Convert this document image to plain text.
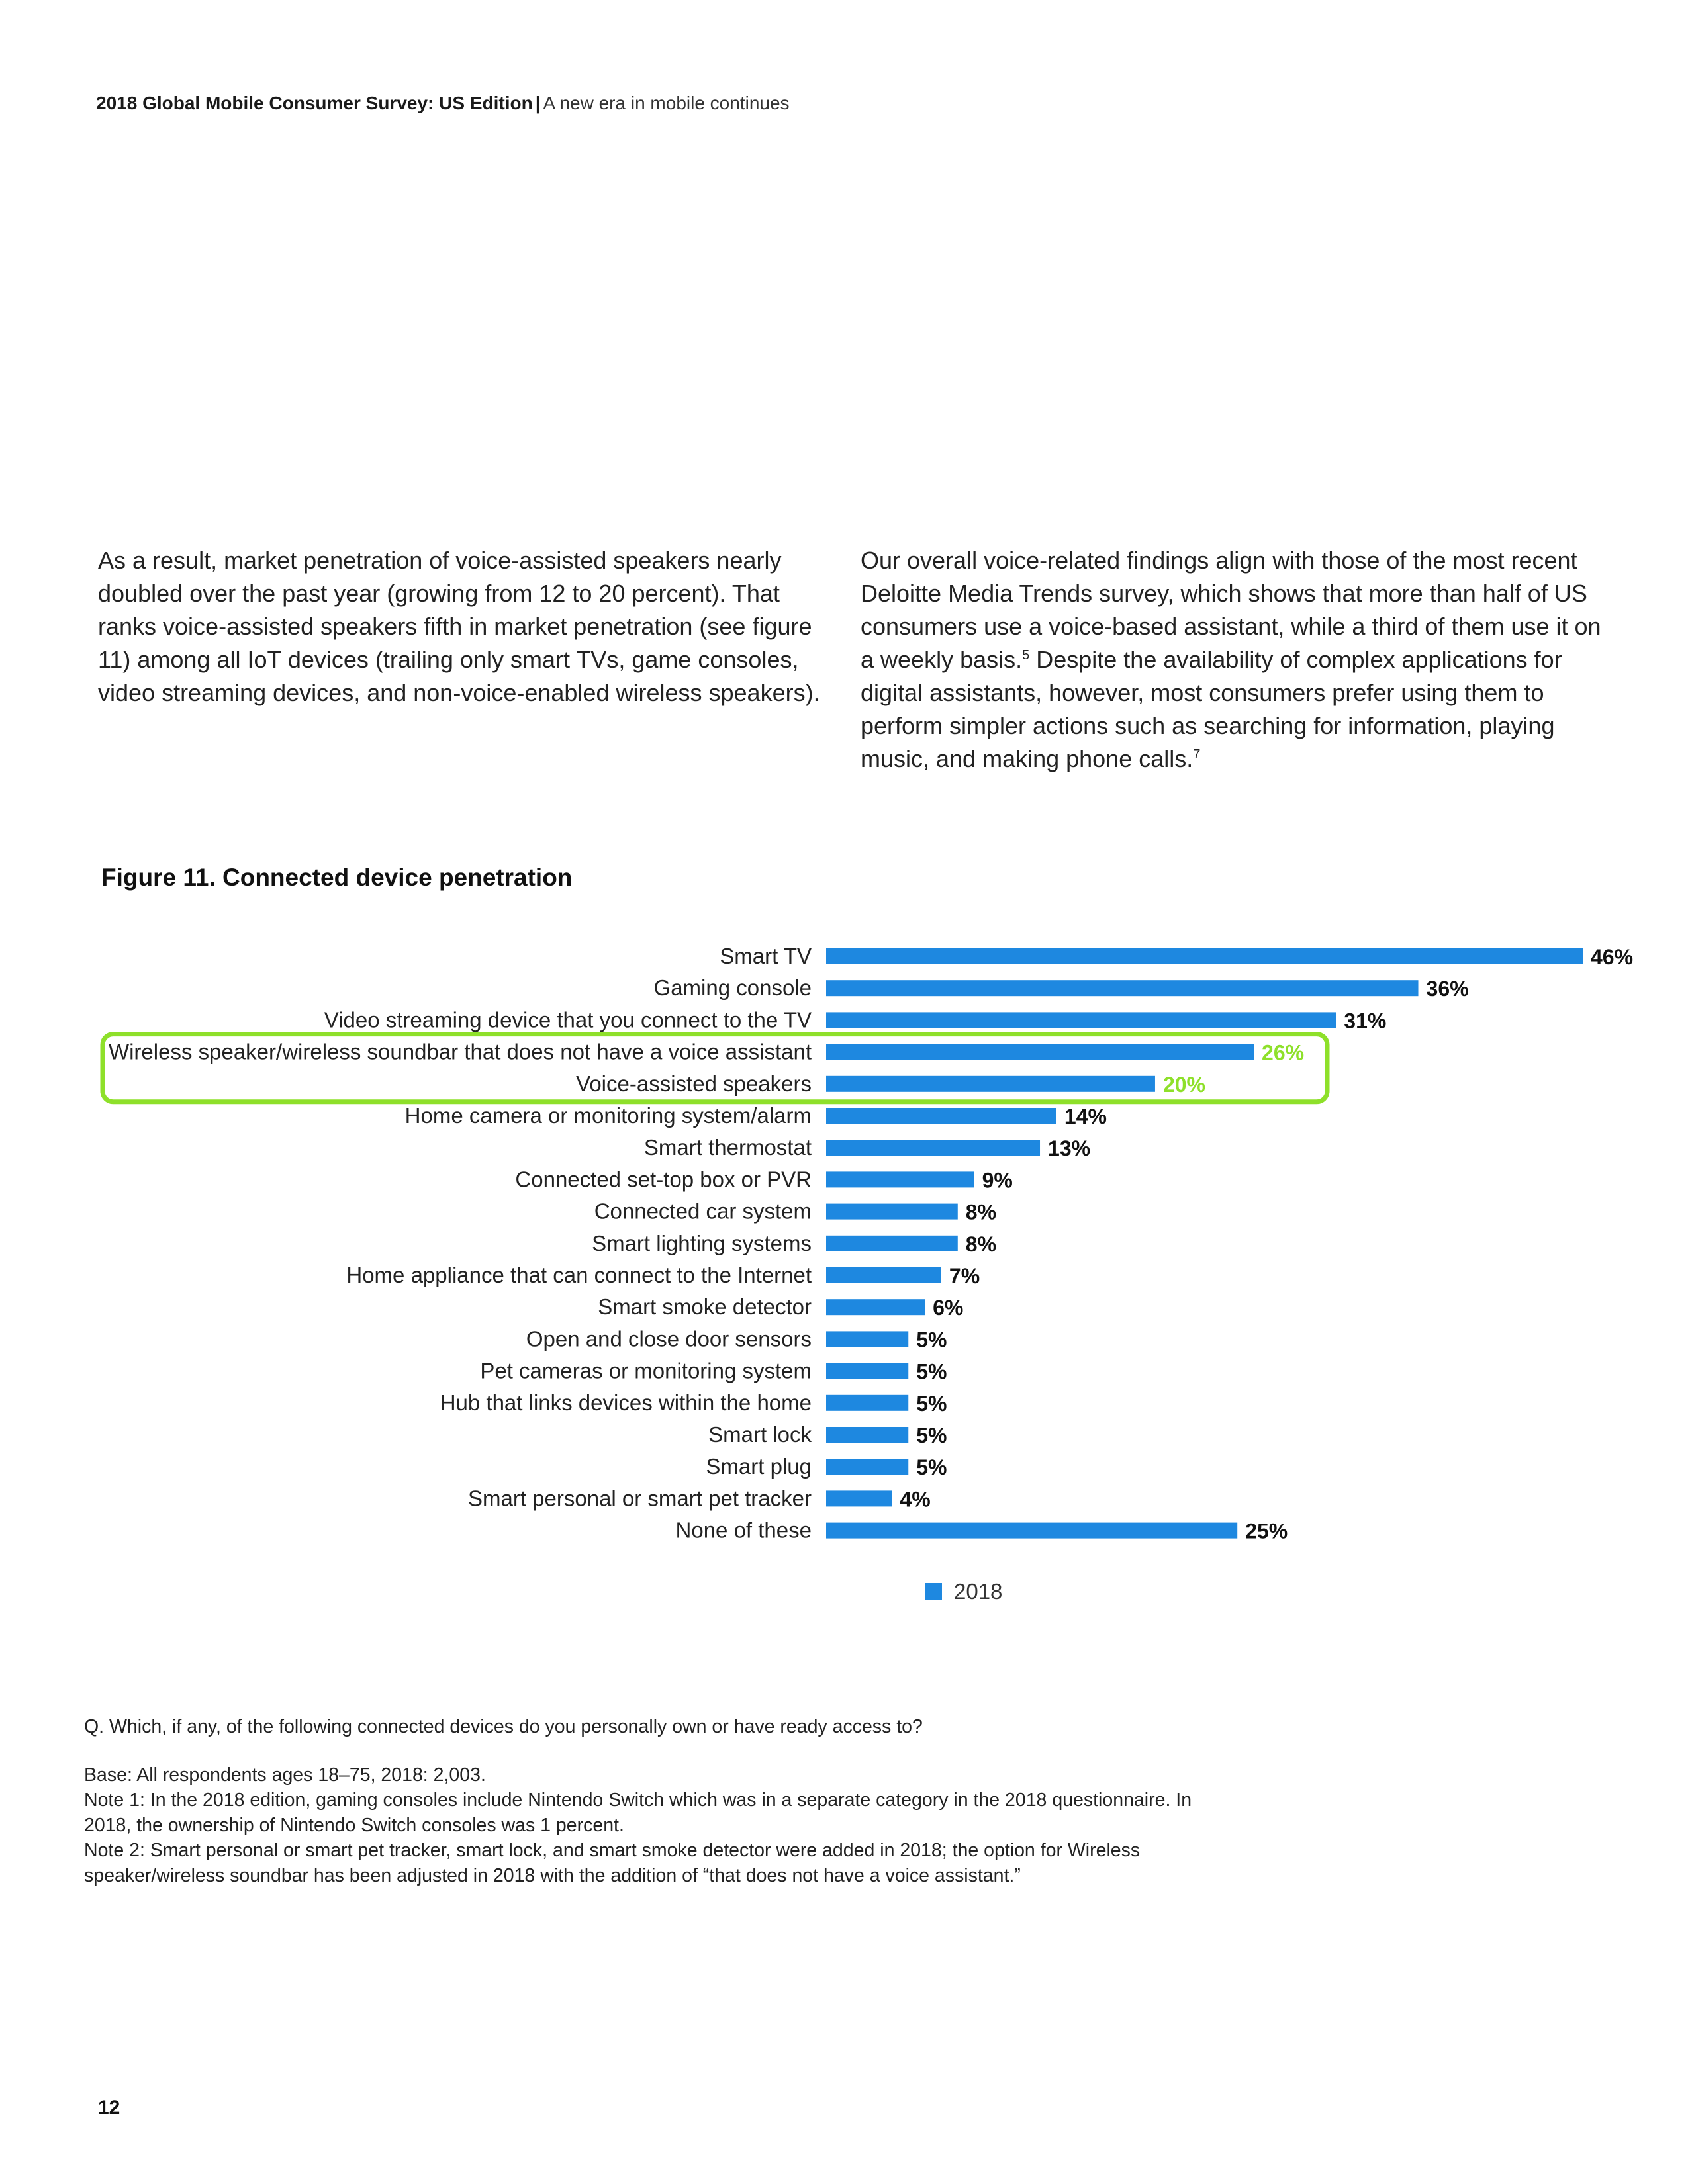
2018 Global Mobile Consumer Survey: US Edition | A new era in mobile continues
As a result, market penetration of voice-assisted speakers nearly doubled over the past year (growing from 12 to 20 percent). That ranks voice-assisted speakers fifth in market penetration (see figure 11) among all IoT devices (trailing only smart TVs, game consoles, video streaming devices, and non-voice-enabled wireless speakers).
Our overall voice-related findings align with those of the most recent Deloitte Media Trends survey, which shows that more than half of US consumers use a voice-based assistant, while a third of them use it on a weekly basis.$^5$ Despite the availability of complex applications for digital assistants, however, most consumers prefer using them to perform simpler actions such as searching for information, playing music, and making phone calls.$^7$
Figure 11. Connected device penetration
Smart TV	46%
Gaming console	36%
Video streaming device that you connect to the TV	31%
Wireless speaker/wireless soundbar that does not have a voice assistant	26%
Voice-assisted speakers	20%
Home camera or monitoring system/alarm	14%
Smart thermostat	13%
Connected set-top box or PVR	9%
Connected car system	8%
Smart lighting systems	8%
Home appliance that can connect to the Internet	7%
Smart smoke detector	6%
Open and close door sensors	5%
Pet cameras or monitoring system	5%
Hub that links devices within the home	5%
Smart lock	5%
Smart plug	5%
Smart personal or smart pet tracker	4%
None of these	25%
2018

Q. Which, if any, of the following connected devices do you personally own or have ready access to?

Base: All respondents ages 18–75, 2018: 2,003.

Note 1: In the 2018 edition, gaming consoles include Nintendo Switch which was in a separate category in the 2018 questionnaire. In 2018, the ownership of Nintendo Switch consoles was 1 percent.

Note 2: Smart personal or smart pet tracker, smart lock, and smart smoke detector were added in 2018; the option for Wireless speaker/wireless soundbar has been adjusted in 2018 with the addition of “that does not have a voice assistant.”

12
